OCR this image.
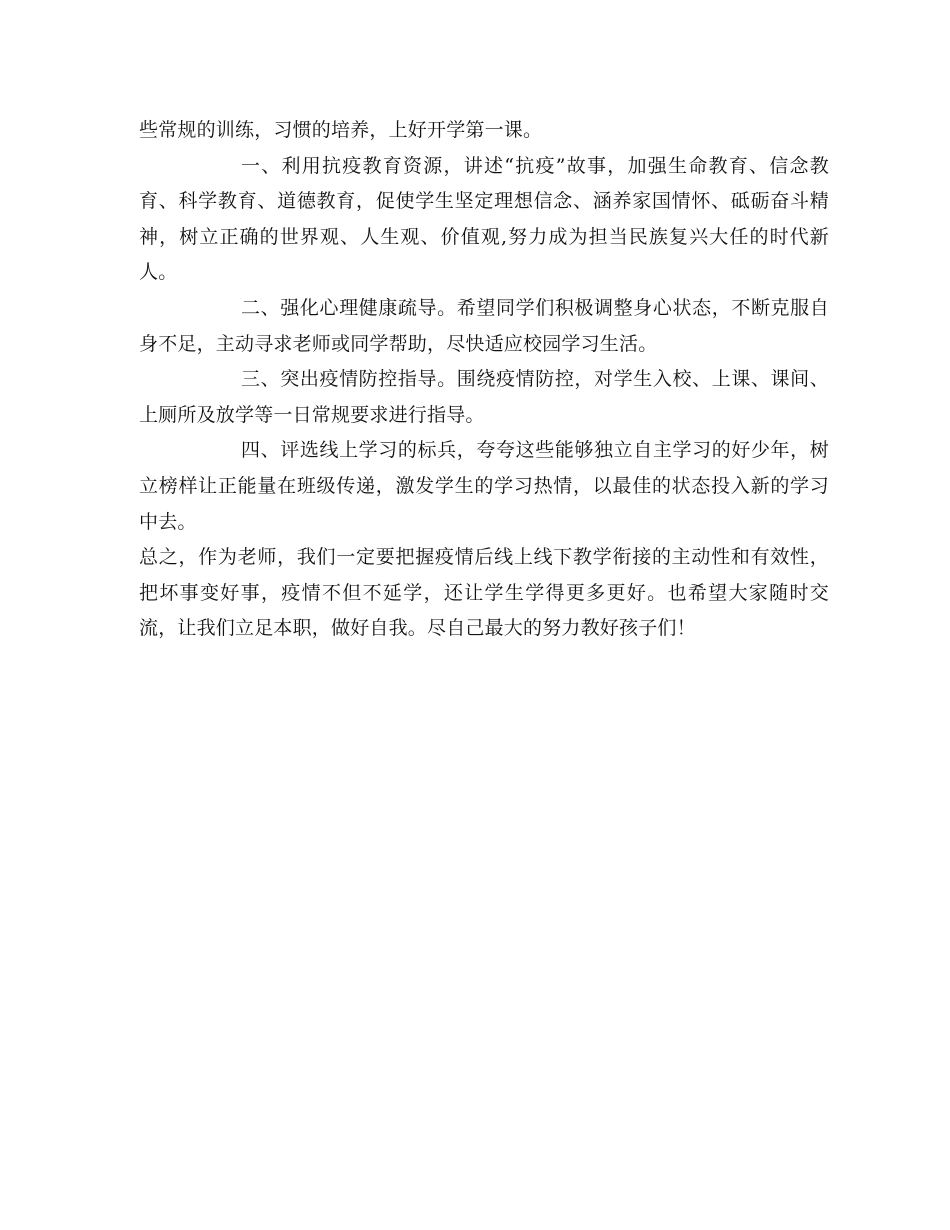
些常规的训练，习惯的培养，上好开学第一课。

一、利用抗疫教育资源，讲述“抗疫”故事，加强生命教育、信念教育、科学教育、道德教育，促使学生坚定理想信念、涵养家国情怀、砥砺奋斗精神，树立正确的世界观、人生观、价值观,努力成为担当民族复兴大任的时代新人。

二、强化心理健康疏导。希望同学们积极调整身心状态，不断克服自身不足，主动寻求老师或同学帮助，尽快适应校园学习生活。

三、突出疫情防控指导。围绕疫情防控，对学生入校、上课、课间、上厕所及放学等一日常规要求进行指导。

四、评选线上学习的标兵，夸夸这些能够独立自主学习的好少年，树立榜样让正能量在班级传递，激发学生的学习热情，以最佳的状态投入新的学习中去。

总之，作为老师，我们一定要把握疫情后线上线下教学衔接的主动性和有效性，把坏事变好事，疫情不但不延学，还让学生学得更多更好。也希望大家随时交流，让我们立足本职，做好自我。尽自己最大的努力教好孩子们！
